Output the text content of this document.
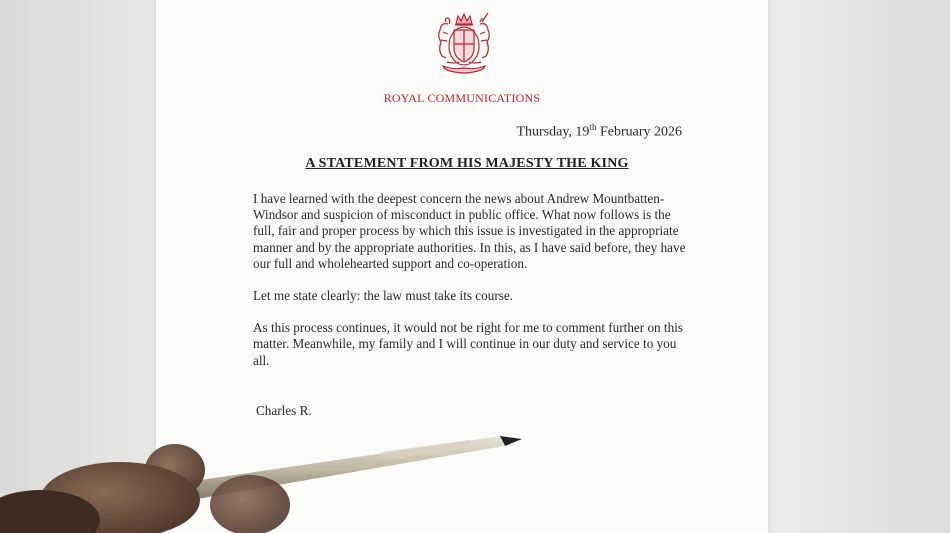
ROYAL COMMUNICATIONS
Thursday, 19th February 2026
A STATEMENT FROM HIS MAJESTY THE KING

I have learned with the deepest concern the news about Andrew Mountbatten-Windsor and suspicion of misconduct in public office. What now follows is the full, fair and proper process by which this issue is investigated in the appropriate manner and by the appropriate authorities. In this, as I have said before, they have our full and wholehearted support and co-operation.

Let me state clearly: the law must take its course.

As this process continues, it would not be right for me to comment further on this matter. Meanwhile, my family and I will continue in our duty and service to you all.

Charles R.
